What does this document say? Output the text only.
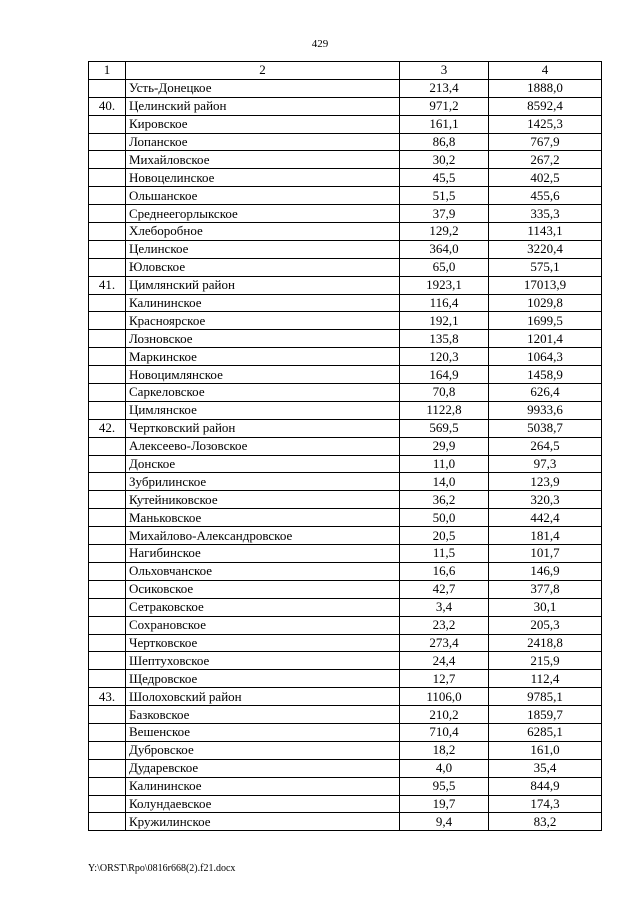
429
1	2	3	4
	Усть-Донецкое	213,4	1888,0
40.	Целинский район	971,2	8592,4
	Кировское	161,1	1425,3
	Лопанское	86,8	767,9
	Михайловское	30,2	267,2
	Новоцелинское	45,5	402,5
	Ольшанское	51,5	455,6
	Среднеегорлыкское	37,9	335,3
	Хлеборобное	129,2	1143,1
	Целинское	364,0	3220,4
	Юловское	65,0	575,1
41.	Цимлянский район	1923,1	17013,9
	Калининское	116,4	1029,8
	Красноярское	192,1	1699,5
	Лозновское	135,8	1201,4
	Маркинское	120,3	1064,3
	Новоцимлянское	164,9	1458,9
	Саркеловское	70,8	626,4
	Цимлянское	1122,8	9933,6
42.	Чертковский район	569,5	5038,7
	Алексеево-Лозовское	29,9	264,5
	Донское	11,0	97,3
	Зубрилинское	14,0	123,9
	Кутейниковское	36,2	320,3
	Маньковское	50,0	442,4
	Михайлово-Александровское	20,5	181,4
	Нагибинское	11,5	101,7
	Ольховчанское	16,6	146,9
	Осиковское	42,7	377,8
	Сетраковское	3,4	30,1
	Сохрановское	23,2	205,3
	Чертковское	273,4	2418,8
	Шептуховское	24,4	215,9
	Щедровское	12,7	112,4
43.	Шолоховский район	1106,0	9785,1
	Базковское	210,2	1859,7
	Вешенское	710,4	6285,1
	Дубровское	18,2	161,0
	Дударевское	4,0	35,4
	Калининское	95,5	844,9
	Колундаевское	19,7	174,3
	Кружилинское	9,4	83,2
Y:\ORST\Rpo\0816r668(2).f21.docx
